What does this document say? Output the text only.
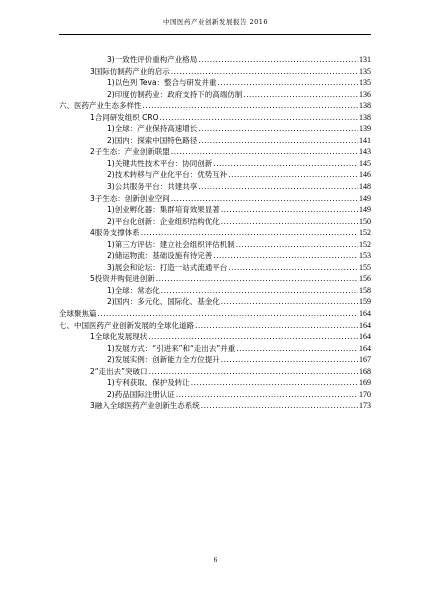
中国医药产业创新发展报告 2016
3) 一致性评价重构产业格局 .....	131
3 国际仿制药产业的启示 .....	135
1) 以色列 Teva：整合与研发并重 .....	135
2) 印度仿制药业：政府支持下的高端仿制 .....	136
六、 医药产业生态多样性 .....	138
1 合同研发组织 CRO .....	138
1) 全球：产业保持高速增长 .....	139
2) 国内：探索中国特色路径 .....	141
2 子生态：产业创新联盟 .....	143
1) 关键共性技术平台：协同创新 .....	145
2) 技术转移与产业化平台：优势互补 .....	146
3) 公共服务平台：共建共享 .....	148
3 子生态：创新创业空间 .....	149
1) 创业孵化器：集群培育效果显著 .....	149
2) 平台化创新：企业组织结构优化 .....	150
4 服务支撑体系 .....	152
1) 第三方评估：建立社会组织评估机制 .....	152
2) 储运物流：基础设施有待完善 .....	153
3) 展会和论坛：打造一站式流通平台 .....	155
5 投资并购促进创新 .....	156
1) 全球：常态化 .....	158
2) 国内：多元化、国际化、基金化 .....	159
全球聚焦篇 .....	164
七、 中国医药产业创新发展的全球化道路 .....	164
1 全球化发展现状 .....	164
1) 发展方式：“引进来”和“走出去”并重 .....	164
2) 发展实例：创新能力全方位提升 .....	167
2 “走出去”突破口 .....	168
1) 专利获取、保护及转让 .....	169
2) 药品国际注册认证 .....	170
3 融入全球医药产业创新生态系统 .....	173
6
